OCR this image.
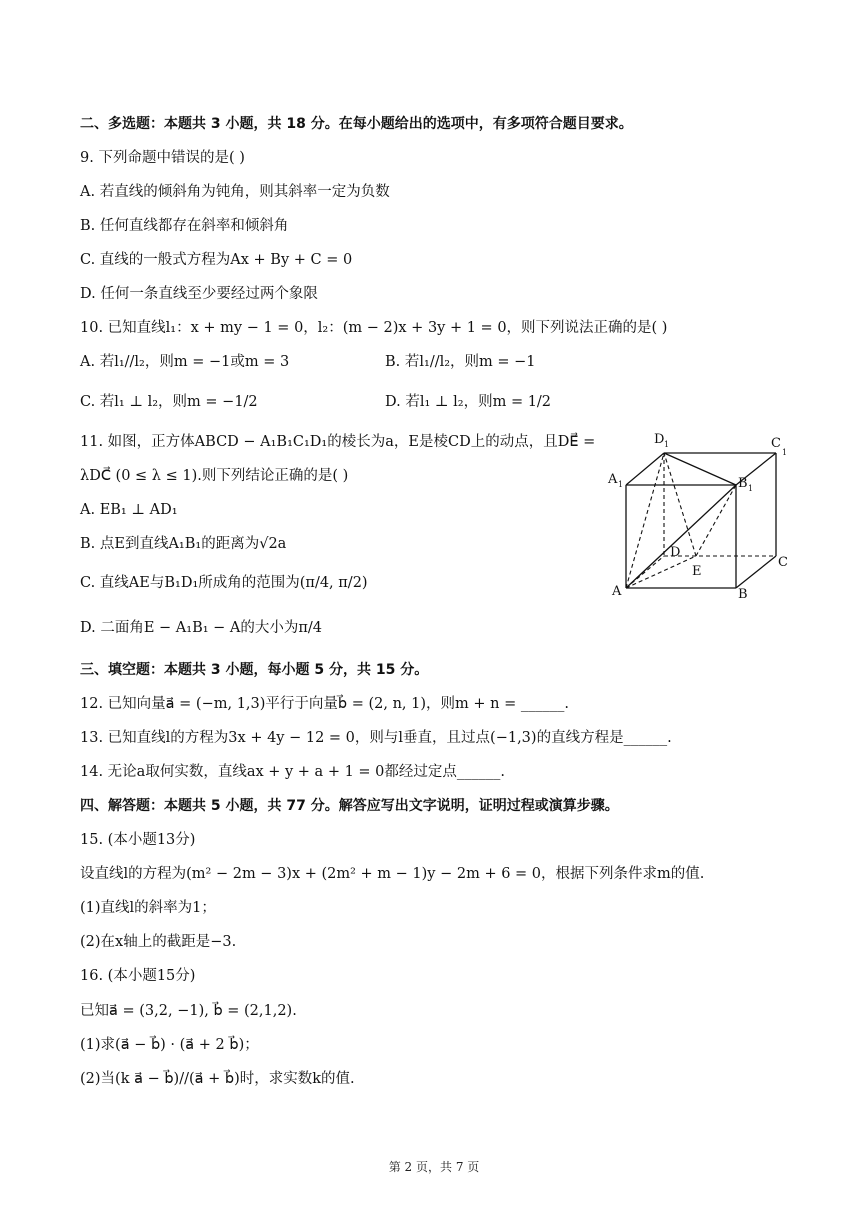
二、多选题：本题共 3 小题，共 18 分。在每小题给出的选项中，有多项符合题目要求。
9. 下列命题中错误的是( )
A. 若直线的倾斜角为钝角，则其斜率一定为负数
B. 任何直线都存在斜率和倾斜角
C. 直线的一般式方程为Ax + By + C = 0
D. 任何一条直线至少要经过两个象限
10. 已知直线l₁：x + my − 1 = 0，l₂：(m − 2)x + 3y + 1 = 0，则下列说法正确的是( )
A. 若l₁//l₂，则m = −1或m = 3	B. 若l₁//l₂，则m = −1
C. 若l₁ ⊥ l₂，则m = −1/2	D. 若l₁ ⊥ l₂，则m = 1/2
11. 如图，正方体ABCD − A₁B₁C₁D₁的棱长为a，E是棱CD上的动点，且DE⃗ =
λDC⃗ (0 ≤ λ ≤ 1).则下列结论正确的是( )
A. EB₁ ⊥ AD₁
B. 点E到直线A₁B₁的距离为√2a
C. 直线AE与B₁D₁所成角的范围为(π/4, π/2)
D. 二面角E − A₁B₁ − A的大小为π/4
D 1	C
1
A 1	B 1
D
C
E
A	B
三、填空题：本题共 3 小题，每小题 5 分，共 15 分。
12. 已知向量a⃗ = (−m, 1,3)平行于向量b⃗ = (2, n, 1)，则m + n = ______.
13. 已知直线l的方程为3x + 4y − 12 = 0，则与l垂直，且过点(−1,3)的直线方程是______.
14. 无论a取何实数，直线ax + y + a + 1 = 0都经过定点______.
四、解答题：本题共 5 小题，共 77 分。解答应写出文字说明，证明过程或演算步骤。
15. (本小题13分)
设直线l的方程为(m² − 2m − 3)x + (2m² + m − 1)y − 2m + 6 = 0，根据下列条件求m的值.
(1)直线l的斜率为1；
(2)在x轴上的截距是−3.
16. (本小题15分)
已知a⃗ = (3,2, −1), b⃗ = (2,1,2).
(1)求(a⃗ − b⃗) · (a⃗ + 2 b⃗)；
(2)当(k a⃗ − b⃗)//(a⃗ + b⃗)时，求实数k的值.
第 2 页，共 7 页
